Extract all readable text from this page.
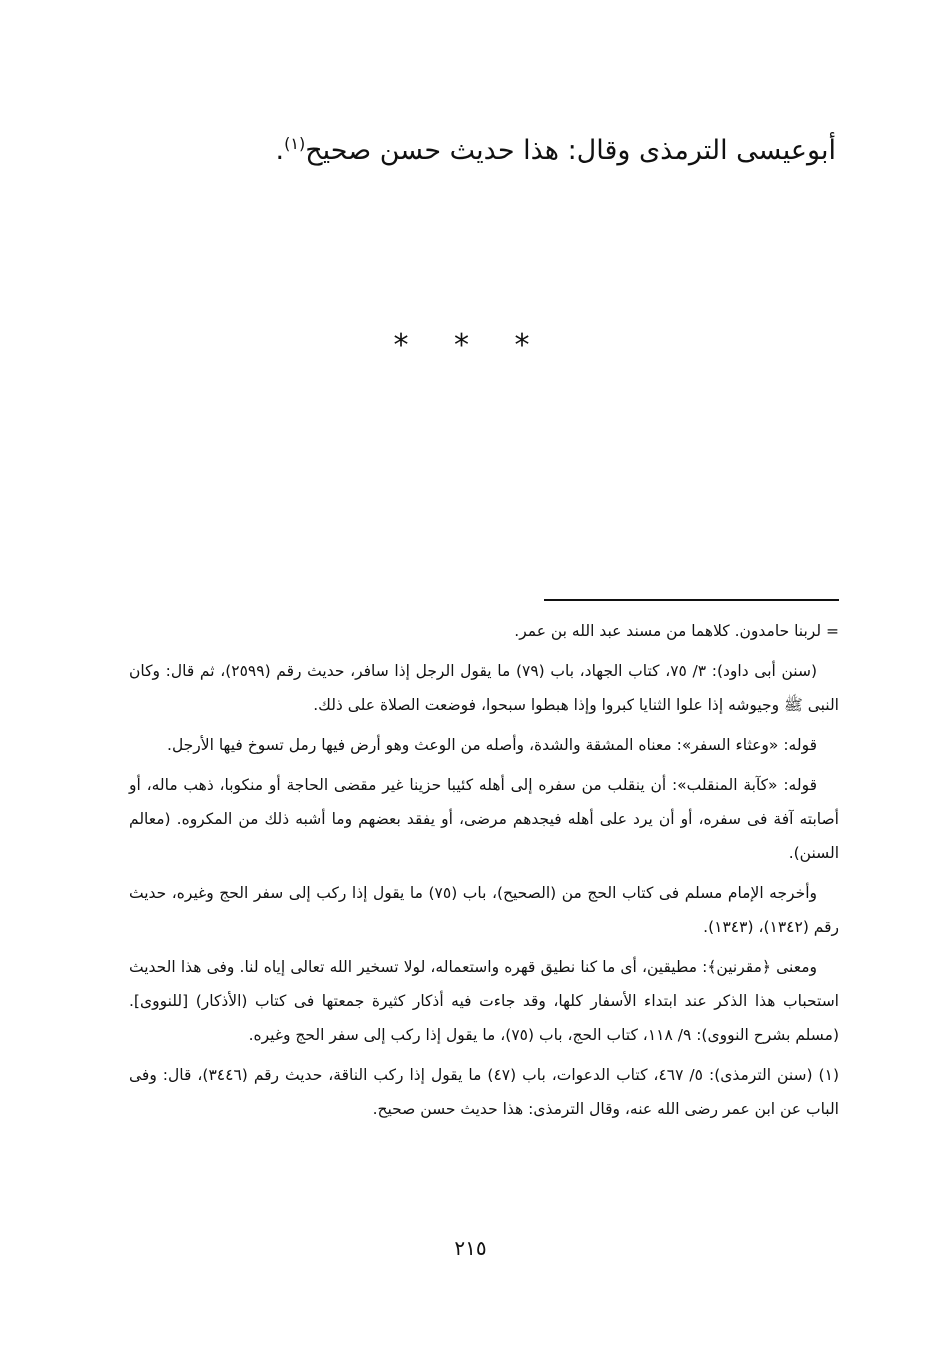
أبوعيسى الترمذى وقال: هذا حديث حسن صحيح$^{(١)}$.
* * *

= لربنا حامدون. كلاهما من مسند عبد الله بن عمر.

(سنن أبى داود): ٣/ ٧٥، كتاب الجهاد، باب (٧٩) ما يقول الرجل إذا سافر، حديث رقم (٢٥٩٩)، ثم قال: وكان النبى ﷺ وجيوشه إذا علوا الثنايا كبروا وإذا هبطوا سبحوا، فوضعت الصلاة على ذلك.

قوله: «وعثاء السفر»: معناه المشقة والشدة، وأصله من الوعث وهو أرض فيها رمل تسوخ فيها الأرجل.

قوله: «كآبة المنقلب»: أن ينقلب من سفره إلى أهله كئيبا حزينا غير مقضى الحاجة أو منكوبا، ذهب ماله، أو أصابته آفة فى سفره، أو أن يرد على أهله فيجدهم مرضى، أو يفقد بعضهم وما أشبه ذلك من المكروه. (معالم السنن).

وأخرجه الإمام مسلم فى كتاب الحج من (الصحيح)، باب (٧٥) ما يقول إذا ركب إلى سفر الحج وغيره، حديث رقم (١٣٤٢)، (١٣٤٣).

ومعنى ﴿مقرنين﴾: مطيقين، أى ما كنا نطيق قهره واستعماله، لولا تسخير الله تعالى إياه لنا. وفى هذا الحديث استحباب هذا الذكر عند ابتداء الأسفار كلها، وقد جاءت فيه أذكار كثيرة جمعتها فى كتاب (الأذكار) [للنووى]. (مسلم بشرح النووى): ٩/ ١١٨، كتاب الحج، باب (٧٥)، ما يقول إذا ركب إلى سفر الحج وغيره.

(١) (سنن الترمذى): ٥/ ٤٦٧، كتاب الدعوات، باب (٤٧) ما يقول إذا ركب الناقة، حديث رقم (٣٤٤٦)، قال: وفى الباب عن ابن عمر رضى الله عنه، وقال الترمذى: هذا حديث حسن صحيح.

٢١٥
